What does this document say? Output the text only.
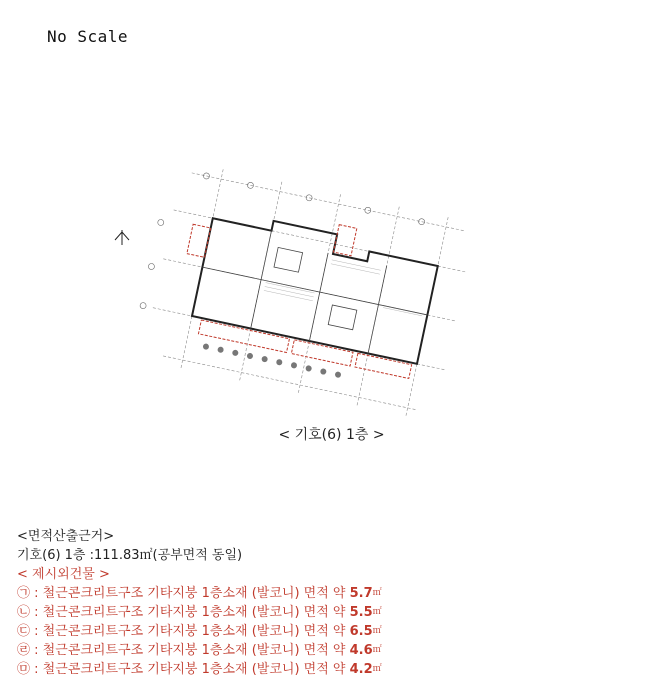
No Scale
< 기호(6) 1층 >
<면적산출근거>
기호(6) 1층 :111.83㎡(공부면적 동일)
< 제시외건물 >
㉠ : 철근콘크리트구조 기타지붕 1층소재 (발코니) 면적 약 5.7㎡
㉡ : 철근콘크리트구조 기타지붕 1층소재 (발코니) 면적 약 5.5㎡
㉢ : 철근콘크리트구조 기타지붕 1층소재 (발코니) 면적 약 6.5㎡
㉣ : 철근콘크리트구조 기타지붕 1층소재 (발코니) 면적 약 4.6㎡
㉤ : 철근콘크리트구조 기타지붕 1층소재 (발코니) 면적 약 4.2㎡
